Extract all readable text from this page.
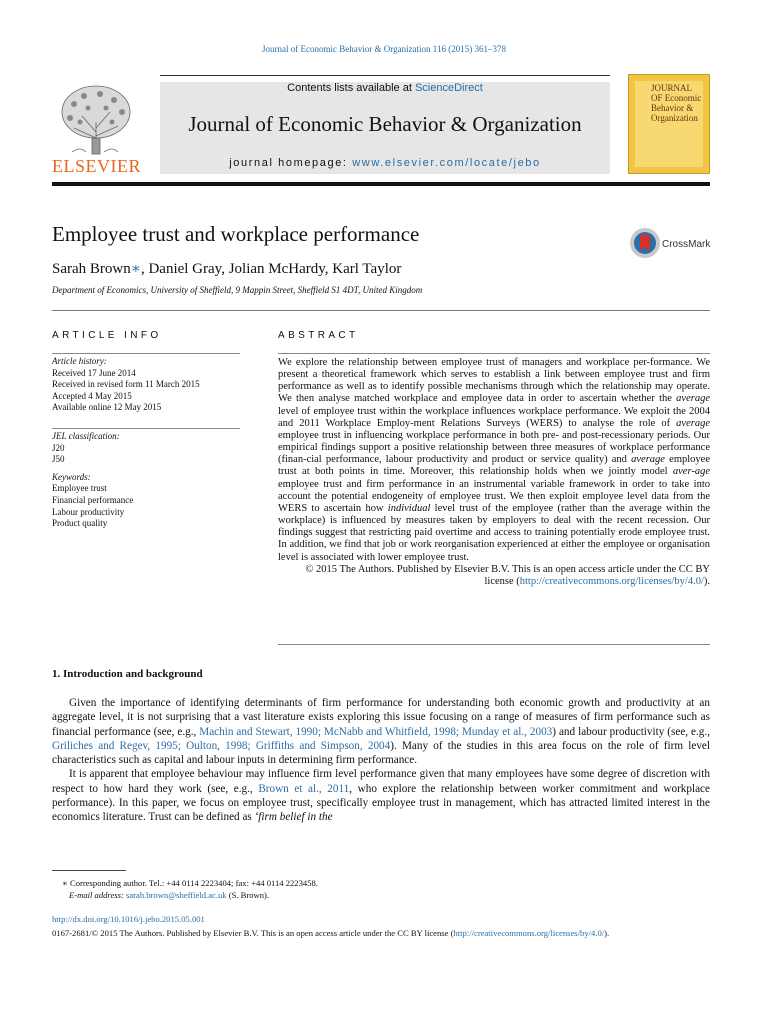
Journal of Economic Behavior & Organization 116 (2015) 361–378
ELSEVIER
Contents lists available at ScienceDirect
Journal of Economic Behavior & Organization
journal homepage: www.elsevier.com/locate/jebo
JOURNAL OF Economic Behavior & Organization
Employee trust and workplace performance
Sarah Brown∗, Daniel Gray, Jolian McHardy, Karl Taylor
Department of Economics, University of Sheffield, 9 Mappin Street, Sheffield S1 4DT, United Kingdom
CrossMark
ARTICLE INFO
Article history:
Received 17 June 2014
Received in revised form 11 March 2015
Accepted 4 May 2015
Available online 12 May 2015
JEL classification:
J20
J50
Keywords:
Employee trust
Financial performance
Labour productivity
Product quality
ABSTRACT
We explore the relationship between employee trust of managers and workplace per-formance. We present a theoretical framework which serves to establish a link between employee trust and firm performance as well as to identify possible mechanisms through which the relationship may operate. We then analyse matched workplace and employee data in order to ascertain whether the average level of employee trust within the workplace influences workplace performance. We exploit the 2004 and 2011 Workplace Employ-ment Relations Surveys (WERS) to analyse the role of average employee trust in influencing workplace performance in both pre- and post-recessionary periods. Our empirical findings support a positive relationship between three measures of workplace performance (finan-cial performance, labour productivity and product or service quality) and average employee trust at both points in time. Moreover, this relationship holds when we jointly model aver-age employee trust and firm performance in an instrumental variable framework in order to take into account the potential endogeneity of employee trust. We then exploit employee level data from the WERS to ascertain how individual level trust of the employee (rather than the average within the workplace) is influenced by measures taken by employers to deal with the recent recession. Our findings suggest that restricting paid overtime and access to training potentially erode employee trust. In addition, we find that job or work reorganisation experienced at either the employee or organisation level is associated with lower employee trust.
© 2015 The Authors. Published by Elsevier B.V. This is an open access article under the CC BY license (http://creativecommons.org/licenses/by/4.0/).
1. Introduction and background

Given the importance of identifying determinants of firm performance for understanding both economic growth and productivity at an aggregate level, it is not surprising that a vast literature exists exploring this issue focusing on a range of measures of firm performance such as financial performance (see, e.g., Machin and Stewart, 1990; McNabb and Whitfield, 1998; Munday et al., 2003) and labour productivity (see, e.g., Griliches and Regev, 1995; Oulton, 1998; Griffiths and Simpson, 2004). Many of the studies in this area focus on the role of firm level characteristics such as capital and labour inputs in determining firm performance.

It is apparent that employee behaviour may influence firm level performance given that many employees have some degree of discretion with respect to how hard they work (see, e.g., Brown et al., 2011, who explore the relationship between worker commitment and workplace performance). In this paper, we focus on employee trust, specifically employee trust in management, which has attracted limited interest in the economics literature. Trust can be defined as ‘firm belief in the

∗ Corresponding author. Tel.: +44 0114 2223404; fax: +44 0114 2223458.
E-mail address: sarah.brown@sheffield.ac.uk (S. Brown).
http://dx.doi.org/10.1016/j.jebo.2015.05.001
0167-2681/© 2015 The Authors. Published by Elsevier B.V. This is an open access article under the CC BY license (http://creativecommons.org/licenses/by/4.0/).
